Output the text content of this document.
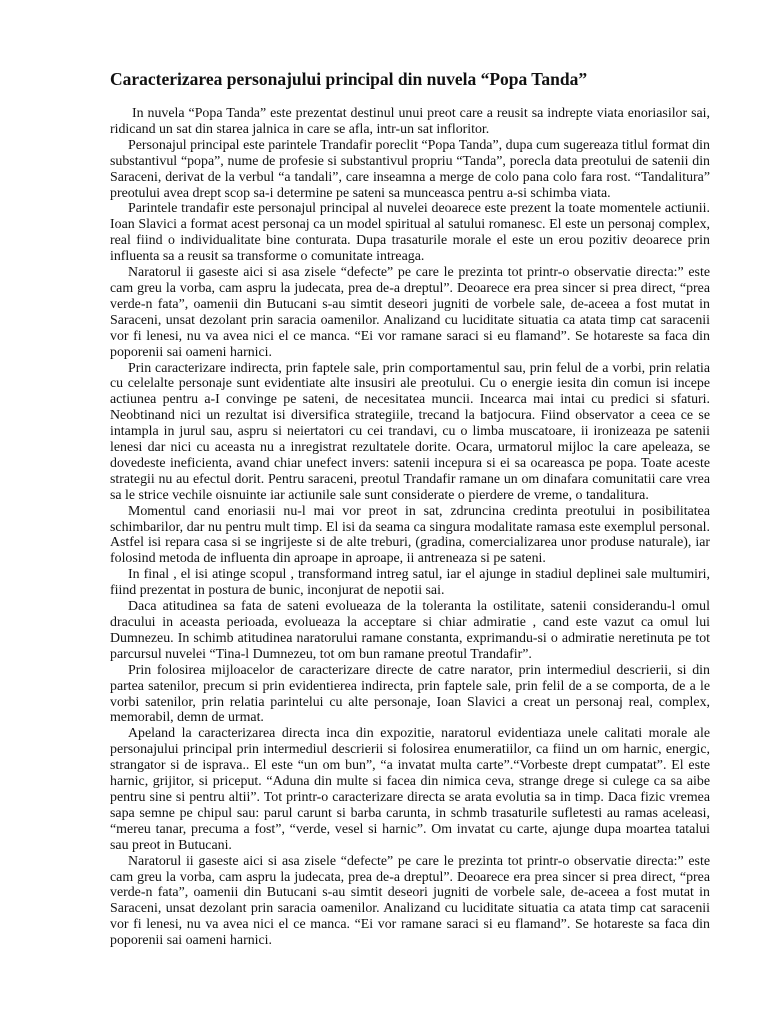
Caracterizarea personajului principal din nuvela “Popa Tanda”

In nuvela “Popa Tanda” este prezentat destinul unui preot care a reusit sa indrepte viata enoriasilor sai, ridicand un sat din starea jalnica in care se afla, intr-un sat infloritor.

Personajul principal este parintele Trandafir poreclit “Popa Tanda”, dupa cum sugereaza titlul format din substantivul “popa”, nume de profesie si substantivul propriu “Tanda”, porecla data preotului de satenii din Saraceni, derivat de la verbul “a tandali”, care inseamna a merge de colo pana colo fara rost. “Tandalitura” preotului avea drept scop sa-i determine pe sateni sa munceasca pentru a-si schimba viata.

Parintele trandafir este personajul principal al nuvelei deoarece este prezent la toate momentele actiunii. Ioan Slavici a format acest personaj ca un model spiritual al satului romanesc. El este un personaj complex, real fiind o individualitate bine conturata. Dupa trasaturile morale el este un erou pozitiv deoarece prin influenta sa a reusit sa transforme o comunitate intreaga.

Naratorul ii gaseste aici si asa zisele “defecte” pe care le prezinta tot printr-o observatie directa:” este cam greu la vorba, cam aspru la judecata, prea de-a dreptul”. Deoarece era prea sincer si prea direct, “prea verde-n fata”, oamenii din Butucani s-au simtit deseori jugniti de vorbele sale, de-aceea a fost mutat in Saraceni, unsat dezolant prin saracia oamenilor. Analizand cu luciditate situatia ca atata timp cat saracenii vor fi lenesi, nu va avea nici el ce manca. “Ei vor ramane saraci si eu flamand”. Se hotareste sa faca din poporenii sai oameni harnici.

Prin caracterizare indirecta, prin faptele sale, prin comportamentul sau, prin felul de a vorbi, prin relatia cu celelalte personaje sunt evidentiate alte insusiri ale preotului. Cu o energie iesita din comun isi incepe actiunea pentru a-I convinge pe sateni, de necesitatea muncii. Incearca mai intai cu predici si sfaturi. Neobtinand nici un rezultat isi diversifica strategiile, trecand la batjocura. Fiind observator a ceea ce se intampla in jurul sau, aspru si neiertatori cu cei trandavi, cu o limba muscatoare, ii ironizeaza pe satenii lenesi dar nici cu aceasta nu a inregistrat rezultatele dorite. Ocara, urmatorul mijloc la care apeleaza, se dovedeste ineficienta, avand chiar unefect invers: satenii incepura si ei sa ocareasca pe popa. Toate aceste strategii nu au efectul dorit. Pentru saraceni, preotul Trandafir ramane un om dinafara comunitatii care vrea sa le strice vechile oisnuinte iar actiunile sale sunt considerate o pierdere de vreme, o tandalitura.

Momentul cand enoriasii nu-l mai vor preot in sat, zdruncina credinta preotului in posibilitatea schimbarilor, dar nu pentru mult timp. El isi da seama ca singura modalitate ramasa este exemplul personal. Astfel isi repara casa si se ingrijeste si de alte treburi, (gradina, comercializarea unor produse naturale), iar folosind metoda de influenta din aproape in aproape, ii antreneaza si pe sateni.

In final , el isi atinge scopul , transformand intreg satul, iar el ajunge in stadiul deplinei sale multumiri, fiind prezentat in postura de bunic, inconjurat de nepotii sai.

Daca atitudinea sa fata de sateni evolueaza de la toleranta la ostilitate, satenii considerandu-l omul dracului in aceasta perioada, evolueaza la acceptare si chiar admiratie , cand este vazut ca omul lui Dumnezeu. In schimb atitudinea naratorului ramane constanta, exprimandu-si o admiratie neretinuta pe tot parcursul nuvelei “Tina-l Dumnezeu, tot om bun ramane preotul Trandafir”.

Prin folosirea mijloacelor de caracterizare directe de catre narator, prin intermediul descrierii, si din partea satenilor, precum si prin evidentierea indirecta, prin faptele sale, prin felil de a se comporta, de a le vorbi satenilor, prin relatia parintelui cu alte personaje, Ioan Slavici a creat un personaj real, complex, memorabil, demn de urmat.

Apeland la caracterizarea directa inca din expozitie, naratorul evidentiaza unele calitati morale ale personajului principal prin intermediul descrierii si folosirea enumeratiilor, ca fiind un om harnic, energic, strangator si de isprava.. El este “un om bun”, “a invatat multa carte”.“Vorbeste drept cumpatat”. El este harnic, grijitor, si priceput. “Aduna din multe si facea din nimica ceva, strange drege si culege ca sa aibe pentru sine si pentru altii”. Tot printr-o caracterizare directa se arata evolutia sa in timp. Daca fizic vremea sapa semne pe chipul sau: parul carunt si barba carunta, in schmb trasaturile sufletesti au ramas aceleasi, “mereu tanar, precuma a fost”, “verde, vesel si harnic”. Om invatat cu carte, ajunge dupa moartea tatalui sau preot in Butucani.

Naratorul ii gaseste aici si asa zisele “defecte” pe care le prezinta tot printr-o observatie directa:” este cam greu la vorba, cam aspru la judecata, prea de-a dreptul”. Deoarece era prea sincer si prea direct, “prea verde-n fata”, oamenii din Butucani s-au simtit deseori jugniti de vorbele sale, de-aceea a fost mutat in Saraceni, unsat dezolant prin saracia oamenilor. Analizand cu luciditate situatia ca atata timp cat saracenii vor fi lenesi, nu va avea nici el ce manca. “Ei vor ramane saraci si eu flamand”. Se hotareste sa faca din poporenii sai oameni harnici.
